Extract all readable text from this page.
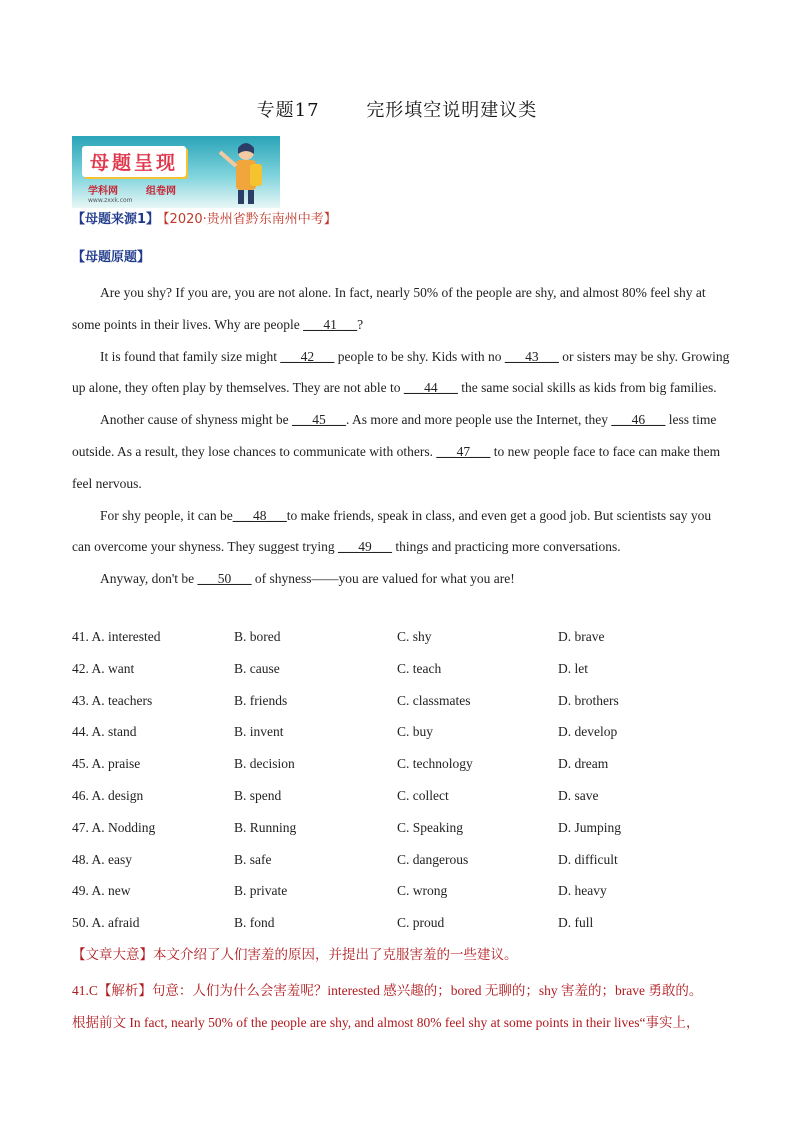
专题17	完形填空说明建议类
母题呈现
学科网
www.zxxk.com
组卷网
【母题来源1】 【2020·贵州省黔东南州中考】
【母题原题】

Are you shy? If you are, you are not alone. In fact, nearly 50% of the people are shy, and almost 80% feel shy at some points in their lives. Why are people ___41___?

It is found that family size might ___42___ people to be shy. Kids with no ___43___ or sisters may be shy. Growing up alone, they often play by themselves. They are not able to ___44___ the same social skills as kids from big families.

Another cause of shyness might be ___45___. As more and more people use the Internet, they ___46___ less time outside. As a result, they lose chances to communicate with others. ___47___ to new people face to face can make them feel nervous.

For shy people, it can be___48___to make friends, speak in class, and even get a good job. But scientists say you can overcome your shyness. They suggest trying ___49___ things and practicing more conversations.

Anyway, don't be ___50___ of shyness——you are valued for what you are!

41. A. interested	B. bored	C. shy	D. brave
42. A. want	B. cause	C. teach	D. let
43. A. teachers	B. friends	C. classmates	D. brothers
44. A. stand	B. invent	C. buy	D. develop
45. A. praise	B. decision	C. technology	D. dream
46. A. design	B. spend	C. collect	D. save
47. A. Nodding	B. Running	C. Speaking	D. Jumping
48. A. easy	B. safe	C. dangerous	D. difficult
49. A. new	B. private	C. wrong	D. heavy
50. A. afraid	B. fond	C. proud	D. full
【文章大意】本文介绍了人们害羞的原因，并提出了克服害羞的一些建议。
41.C【解析】句意：人们为什么会害羞呢？interested 感兴趣的；bored 无聊的；shy 害羞的；brave 勇敢的。
根据前文 In fact, nearly 50% of the people are shy, and almost 80% feel shy at some points in their lives“事实上，
